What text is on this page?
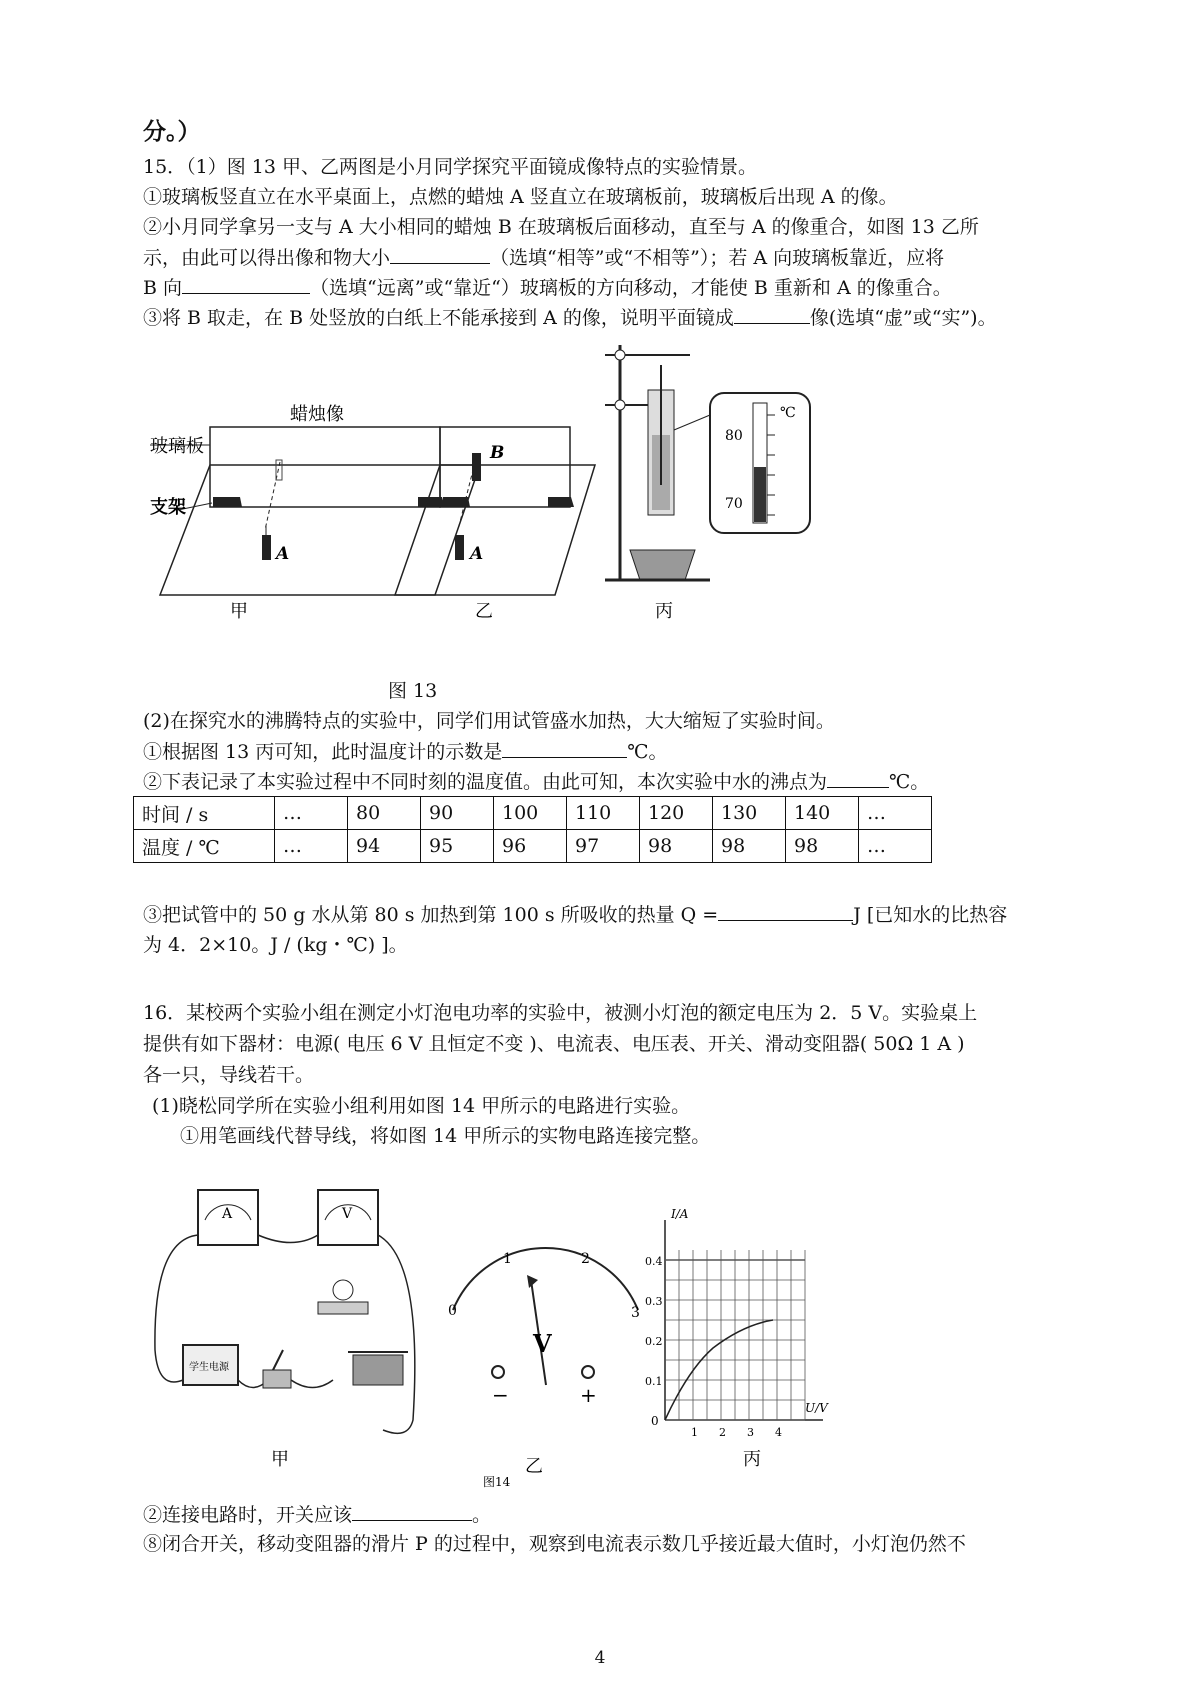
分。）
15．（1）图 13 甲、乙两图是小月同学探究平面镜成像特点的实验情景。
①玻璃板竖直立在水平桌面上，点燃的蜡烛 A 竖直立在玻璃板前，玻璃板后出现 A 的像。
②小月同学拿另一支与 A 大小相同的蜡烛 B 在玻璃板后面移动，直至与 A 的像重合，如图 13 乙所
示，由此可以得出像和物大小	（选填“相等”或“不相等”）；若 A 向玻璃板靠近，应将
B 向	（选填“远离”或“靠近“）玻璃板的方向移动，才能使 B 重新和 A 的像重合。
③将 B 取走，在 B 处竖放的白纸上不能承接到 A 的像，说明平面镜成	像(选填“虚”或“实”)。
玻璃板
蜡烛像
支架
A
甲
B
A
乙
80
70
℃
丙
图 13
(2)在探究水的沸腾特点的实验中，同学们用试管盛水加热，大大缩短了实验时间。
①根据图 13 丙可知，此时温度计的示数是	℃。
②下表记录了本实验过程中不同时刻的温度值。由此可知，本次实验中水的沸点为	℃。
时间 / s	…	80	90	100	110	120	130	140	…
温度 / ℃	…	94	95	96	97	98	98	98	…
③把试管中的 50 g 水从第 80 s 加热到第 100 s 所吸收的热量 Q =	J [已知水的比热容
为 4．2×10。J / (kg・℃) ]。
16．某校两个实验小组在测定小灯泡电功率的实验中，被测小灯泡的额定电压为 2．5 V。实验桌上
提供有如下器材：电源( 电压 6 V 且恒定不变 )、电流表、电压表、开关、滑动变阻器( 50Ω 1 A )
各一只，导线若干。
(1)晓松同学所在实验小组利用如图 14 甲所示的电路进行实验。
①用笔画线代替导线，将如图 14 甲所示的实物电路连接完整。
A	V
学生电源
甲
0
1	2
3
V
−	+
乙
图14
I/A
U/V
0
0.1
0.2
0.3
0.4
1 2 3 4
丙
②连接电路时，开关应该	。
⑧闭合开关，移动变阻器的滑片 P 的过程中，观察到电流表示数几乎接近最大值时，小灯泡仍然不
4
